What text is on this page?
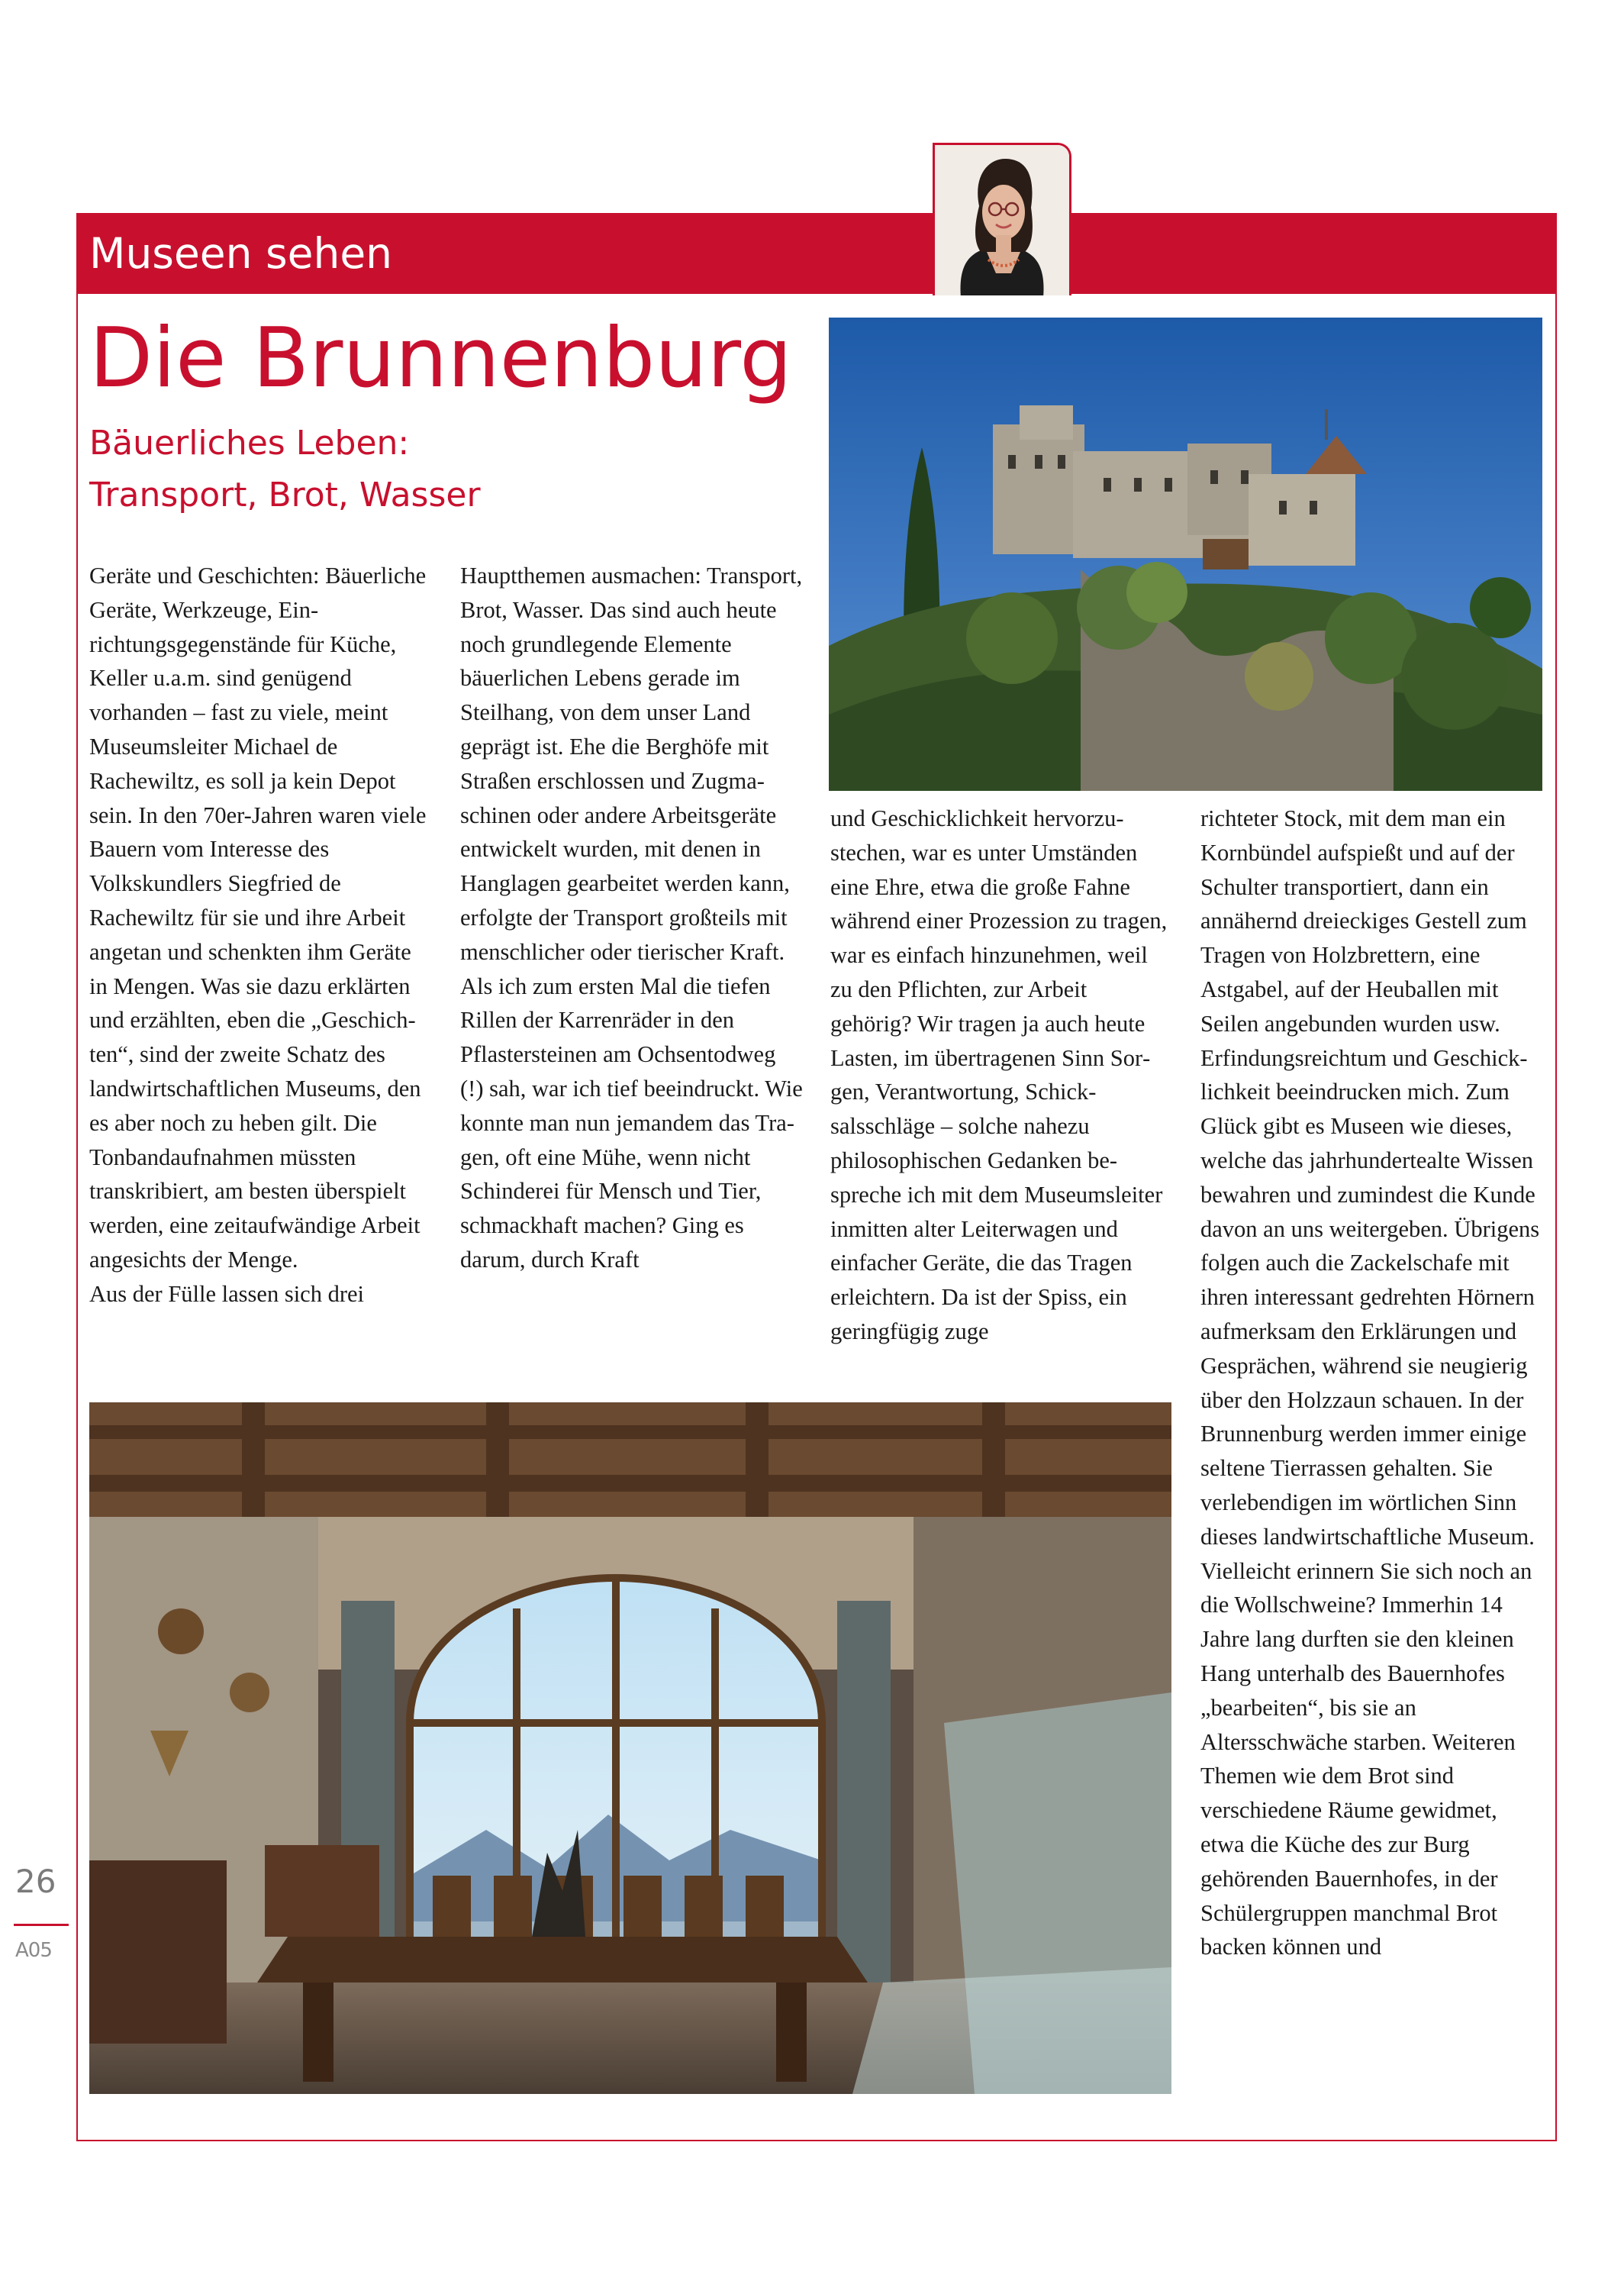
Museen sehen
Die Brunnenburg
Bäuerliches Leben:
Transport, Brot, Wasser

Geräte und Geschichten: Bäuerliche Geräte, Werkzeuge, Einrichtungsgegenstände für Küche, Keller u.a.m. sind genügend vorhanden – fast zu viele, meint Museumsleiter Michael de Rachewiltz, es soll ja kein Depot sein. In den 70er-Jahren waren viele Bauern vom Interesse des Volkskundlers Siegfried de Rachewiltz für sie und ihre Arbeit angetan und schenkten ihm Geräte in Mengen. Was sie dazu erklärten und erzählten, eben die „Geschichten“, sind der zweite Schatz des landwirtschaftlichen Museums, den es aber noch zu heben gilt. Die Tonbandaufnahmen müssten transkribiert, am besten überspielt werden, eine zeitaufwändige Arbeit angesichts der Menge.
Aus der Fülle lassen sich drei

Hauptthemen ausmachen: Transport, Brot, Wasser. Das sind auch heute noch grundlegende Elemente bäuerlichen Lebens gerade im Steilhang, von dem unser Land geprägt ist. Ehe die Berghöfe mit Straßen erschlossen und Zugmaschinen oder andere Arbeitsgeräte entwickelt wurden, mit denen in Hanglagen gearbeitet werden kann, erfolgte der Transport großteils mit menschlicher oder tierischer Kraft. Als ich zum ersten Mal die tiefen Rillen der Karrenräder in den Pflastersteinen am Ochsentodweg (!) sah, war ich tief beeindruckt. Wie konnte man nun jemandem das Tragen, oft eine Mühe, wenn nicht Schinderei für Mensch und Tier, schmackhaft machen? Ging es darum, durch Kraft

und Geschicklichkeit hervorzustechen, war es unter Umständen eine Ehre, etwa die große Fahne während einer Prozession zu tragen, war es einfach hinzunehmen, weil zu den Pflichten, zur Arbeit gehörig? Wir tragen ja auch heute Lasten, im übertragenen Sinn Sorgen, Verantwortung, Schicksalsschläge – solche nahezu philosophischen Gedanken bespreche ich mit dem Museumsleiter inmitten alter Leiterwagen und einfacher Geräte, die das Tragen erleichtern. Da ist der Spiss, ein geringfügig zuge

richteter Stock, mit dem man ein Kornbündel aufspießt und auf der Schulter transportiert, dann ein annähernd dreieckiges Gestell zum Tragen von Holzbrettern, eine Astgabel, auf der Heuballen mit Seilen angebunden wurden usw. Erfindungsreichtum und Geschicklichkeit beeindrucken mich. Zum Glück gibt es Museen wie dieses, welche das jahrhundertealte Wissen bewahren und zumindest die Kunde davon an uns weitergeben. Übrigens folgen auch die Zackelschafe mit ihren interessant gedrehten Hörnern aufmerksam den Erklärungen und Gesprächen, während sie neugierig über den Holzzaun schauen. In der Brunnenburg werden immer einige seltene Tierrassen gehalten. Sie verlebendigen im wörtlichen Sinn dieses landwirtschaftliche Museum. Vielleicht erinnern Sie sich noch an die Wollschweine? Immerhin 14 Jahre lang durften sie den kleinen Hang unterhalb des Bauernhofes „bearbeiten“, bis sie an Altersschwäche starben. Weiteren Themen wie dem Brot sind verschiedene Räume gewidmet, etwa die Küche des zur Burg gehörenden Bauernhofes, in der Schülergruppen manchmal Brot backen können und

26
A05
